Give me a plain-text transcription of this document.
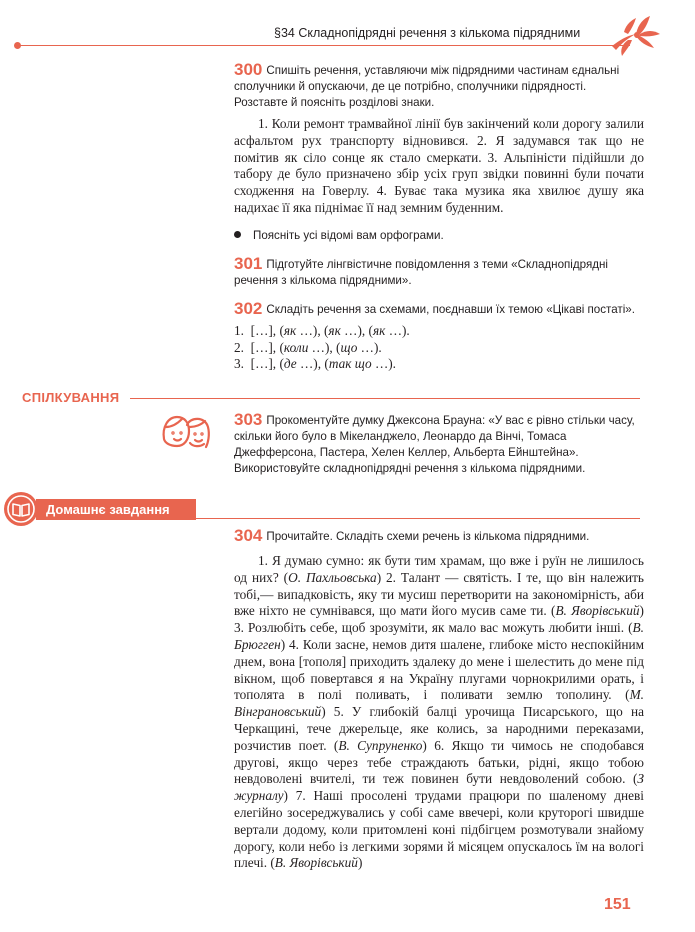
§34 Складнопідрядні речення з кількома підрядними
300 Спишіть речення, уставляючи між підрядними частинам єднальні сполучники й опускаючи, де це потрібно, сполучники підрядності. Розставте й поясніть розділові знаки.

1. Коли ремонт трамвайної лінії був закінчений коли дорогу залили асфальтом рух транспорту відновився. 2. Я задумався так що не помітив як сіло сонце як стало смеркати. 3. Альпіністи підійшли до табору де було призначено збір усіх груп звідки повинні були почати сходження на Говерлу. 4. Буває така музика яка хвилює душу яка надихає її яка піднімає її над земним буденним.

Поясніть усі відомі вам орфограми.
301 Підготуйте лінгвістичне повідомлення з теми «Складнопідрядні речення з кількома підрядними».
302 Складіть речення за схемами, поєднавши їх темою «Цікаві постаті».
1. […], (як …), (як …), (як …).
2. […], (коли …), (що …).
3. […], (де …), (так що …).
СПІЛКУВАННЯ
303 Прокоментуйте думку Джексона Брауна: «У вас є рівно стільки часу, скільки його було в Мікеланджело, Леонардо да Вінчі, Томаса Джефферсона, Пастера, Хелен Келлер, Альберта Ейнштейна». Використовуйте складнопідрядні речення з кількома підрядними.
Домашнє завдання
304 Прочитайте. Складіть схеми речень із кількома підрядними.

1. Я думаю сумно: як бути тим храмам, що вже і руїн не лишилось од них? (О. Пахльовська) 2. Талант — святість. І те, що він належить тобі,— випадковість, яку ти мусиш перетворити на закономірність, аби вже ніхто не сумнівався, що мати його мусив саме ти. (В. Яворівський) 3. Розлюбіть себе, щоб зрозуміти, як мало вас можуть любити інші. (В. Брюгген) 4. Коли засне, немов дитя шалене, глибоке місто неспокійним днем, вона [тополя] приходить здалеку до мене і шелестить до мене під вікном, щоб повертався я на Україну плугами чорнокрилими орать, і тополята в полі поливать, і поливати землю тополину. (М. Вінграновський) 5. У глибокій балці урочища Писарського, що на Черкащині, тече джерельце, яке колись, за народними переказами, розчистив поет. (В. Супруненко) 6. Якщо ти чимось не сподобався другові, якщо через тебе страждають батьки, рідні, якщо тобою невдоволені вчителі, ти теж повинен бути невдоволений собою. (З журналу) 7. Наші просолені трудами працюри по шаленому дневі елегійно зосереджувались у собі саме ввечері, коли круторогі швидше вертали додому, коли притомлені коні підбігцем розмотували знайому дорогу, коли небо із легкими зорями й місяцем опускалось їм на вологі плечі. (В. Яворівський)

151
